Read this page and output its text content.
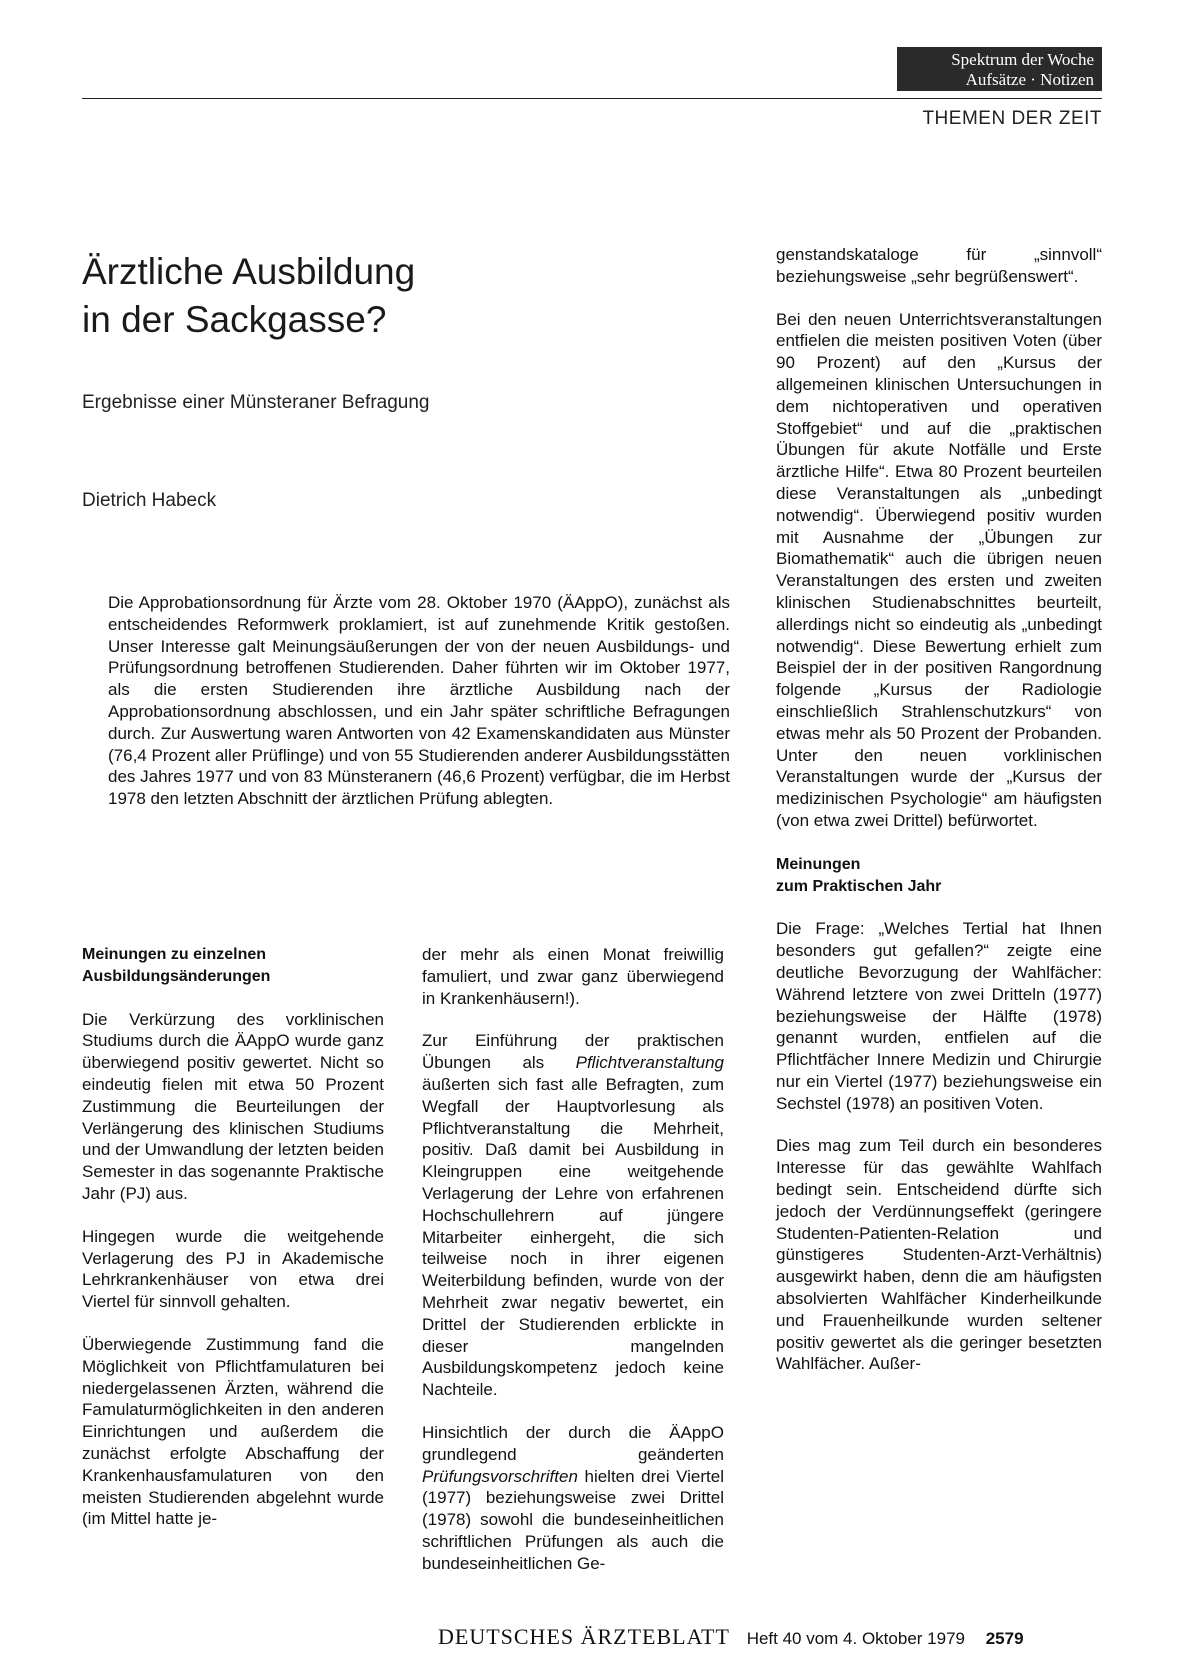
Spektrum der Woche
Aufsätze · Notizen
THEMEN DER ZEIT
Ärztliche Ausbildung
in der Sackgasse?
Ergebnisse einer Münsteraner Befragung
Dietrich Habeck

Die Approbationsordnung für Ärzte vom 28. Oktober 1970 (ÄAppO), zunächst als entscheidendes Reformwerk proklamiert, ist auf zunehmende Kritik gestoßen. Unser Interesse galt Meinungsäußerungen der von der neuen Ausbildungs- und Prüfungsordnung betroffenen Studierenden. Daher führten wir im Oktober 1977, als die ersten Studierenden ihre ärztliche Ausbildung nach der Approbationsordnung abschlossen, und ein Jahr später schriftliche Befragungen durch. Zur Auswertung waren Antworten von 42 Examenskandidaten aus Münster (76,4 Prozent aller Prüflinge) und von 55 Studierenden anderer Ausbildungsstätten des Jahres 1977 und von 83 Münsteranern (46,6 Prozent) verfügbar, die im Herbst 1978 den letzten Abschnitt der ärztlichen Prüfung ablegten.

Meinungen zu einzelnen
Ausbildungsänderungen

Die Verkürzung des vorklinischen Studiums durch die ÄAppO wurde ganz überwiegend positiv gewertet. Nicht so eindeutig fielen mit etwa 50 Prozent Zustimmung die Beurteilungen der Verlängerung des klinischen Studiums und der Umwandlung der letzten beiden Semester in das sogenannte Praktische Jahr (PJ) aus.

Hingegen wurde die weitgehende Verlagerung des PJ in Akademische Lehrkrankenhäuser von etwa drei Viertel für sinnvoll gehalten.

Überwiegende Zustimmung fand die Möglichkeit von Pflichtfamulaturen bei niedergelassenen Ärzten, während die Famulaturmöglichkeiten in den anderen Einrichtungen und außerdem die zunächst erfolgte Abschaffung der Krankenhausfamulaturen von den meisten Studierenden abgelehnt wurde (im Mittel hatte je-

der mehr als einen Monat freiwillig famuliert, und zwar ganz überwiegend in Krankenhäusern!).

Zur Einführung der praktischen Übungen als Pflichtveranstaltung äußerten sich fast alle Befragten, zum Wegfall der Hauptvorlesung als Pflichtveranstaltung die Mehrheit, positiv. Daß damit bei Ausbildung in Kleingruppen eine weitgehende Verlagerung der Lehre von erfahrenen Hochschullehrern auf jüngere Mitarbeiter einhergeht, die sich teilweise noch in ihrer eigenen Weiterbildung befinden, wurde von der Mehrheit zwar negativ bewertet, ein Drittel der Studierenden erblickte in dieser mangelnden Ausbildungskompetenz jedoch keine Nachteile.

Hinsichtlich der durch die ÄAppO grundlegend geänderten Prüfungsvorschriften hielten drei Viertel (1977) beziehungsweise zwei Drittel (1978) sowohl die bundeseinheitlichen schriftlichen Prüfungen als auch die bundeseinheitlichen Ge-

genstandskataloge für „sinnvoll“ beziehungsweise „sehr begrüßenswert“.

Bei den neuen Unterrichtsveranstaltungen entfielen die meisten positiven Voten (über 90 Prozent) auf den „Kursus der allgemeinen klinischen Untersuchungen in dem nichtoperativen und operativen Stoffgebiet“ und auf die „praktischen Übungen für akute Notfälle und Erste ärztliche Hilfe“. Etwa 80 Prozent beurteilen diese Veranstaltungen als „unbedingt notwendig“. Überwiegend positiv wurden mit Ausnahme der „Übungen zur Biomathematik“ auch die übrigen neuen Veranstaltungen des ersten und zweiten klinischen Studienabschnittes beurteilt, allerdings nicht so eindeutig als „unbedingt notwendig“. Diese Bewertung erhielt zum Beispiel der in der positiven Rangordnung folgende „Kursus der Radiologie einschließlich Strahlenschutzkurs“ von etwas mehr als 50 Prozent der Probanden. Unter den neuen vorklinischen Veranstaltungen wurde der „Kursus der medizinischen Psychologie“ am häufigsten (von etwa zwei Drittel) befürwortet.

Meinungen
zum Praktischen Jahr

Die Frage: „Welches Tertial hat Ihnen besonders gut gefallen?“ zeigte eine deutliche Bevorzugung der Wahlfächer: Während letztere von zwei Dritteln (1977) beziehungsweise der Hälfte (1978) genannt wurden, entfielen auf die Pflichtfächer Innere Medizin und Chirurgie nur ein Viertel (1977) beziehungsweise ein Sechstel (1978) an positiven Voten.

Dies mag zum Teil durch ein besonderes Interesse für das gewählte Wahlfach bedingt sein. Entscheidend dürfte sich jedoch der Verdünnungseffekt (geringere Studenten-Patienten-Relation und günstigeres Studenten-Arzt-Verhältnis) ausgewirkt haben, denn die am häufigsten absolvierten Wahlfächer Kinderheilkunde und Frauenheilkunde wurden seltener positiv gewertet als die geringer besetzten Wahlfächer. Außer-

DEUTSCHES ÄRZTEBLATT Heft 40 vom 4. Oktober 1979 2579
